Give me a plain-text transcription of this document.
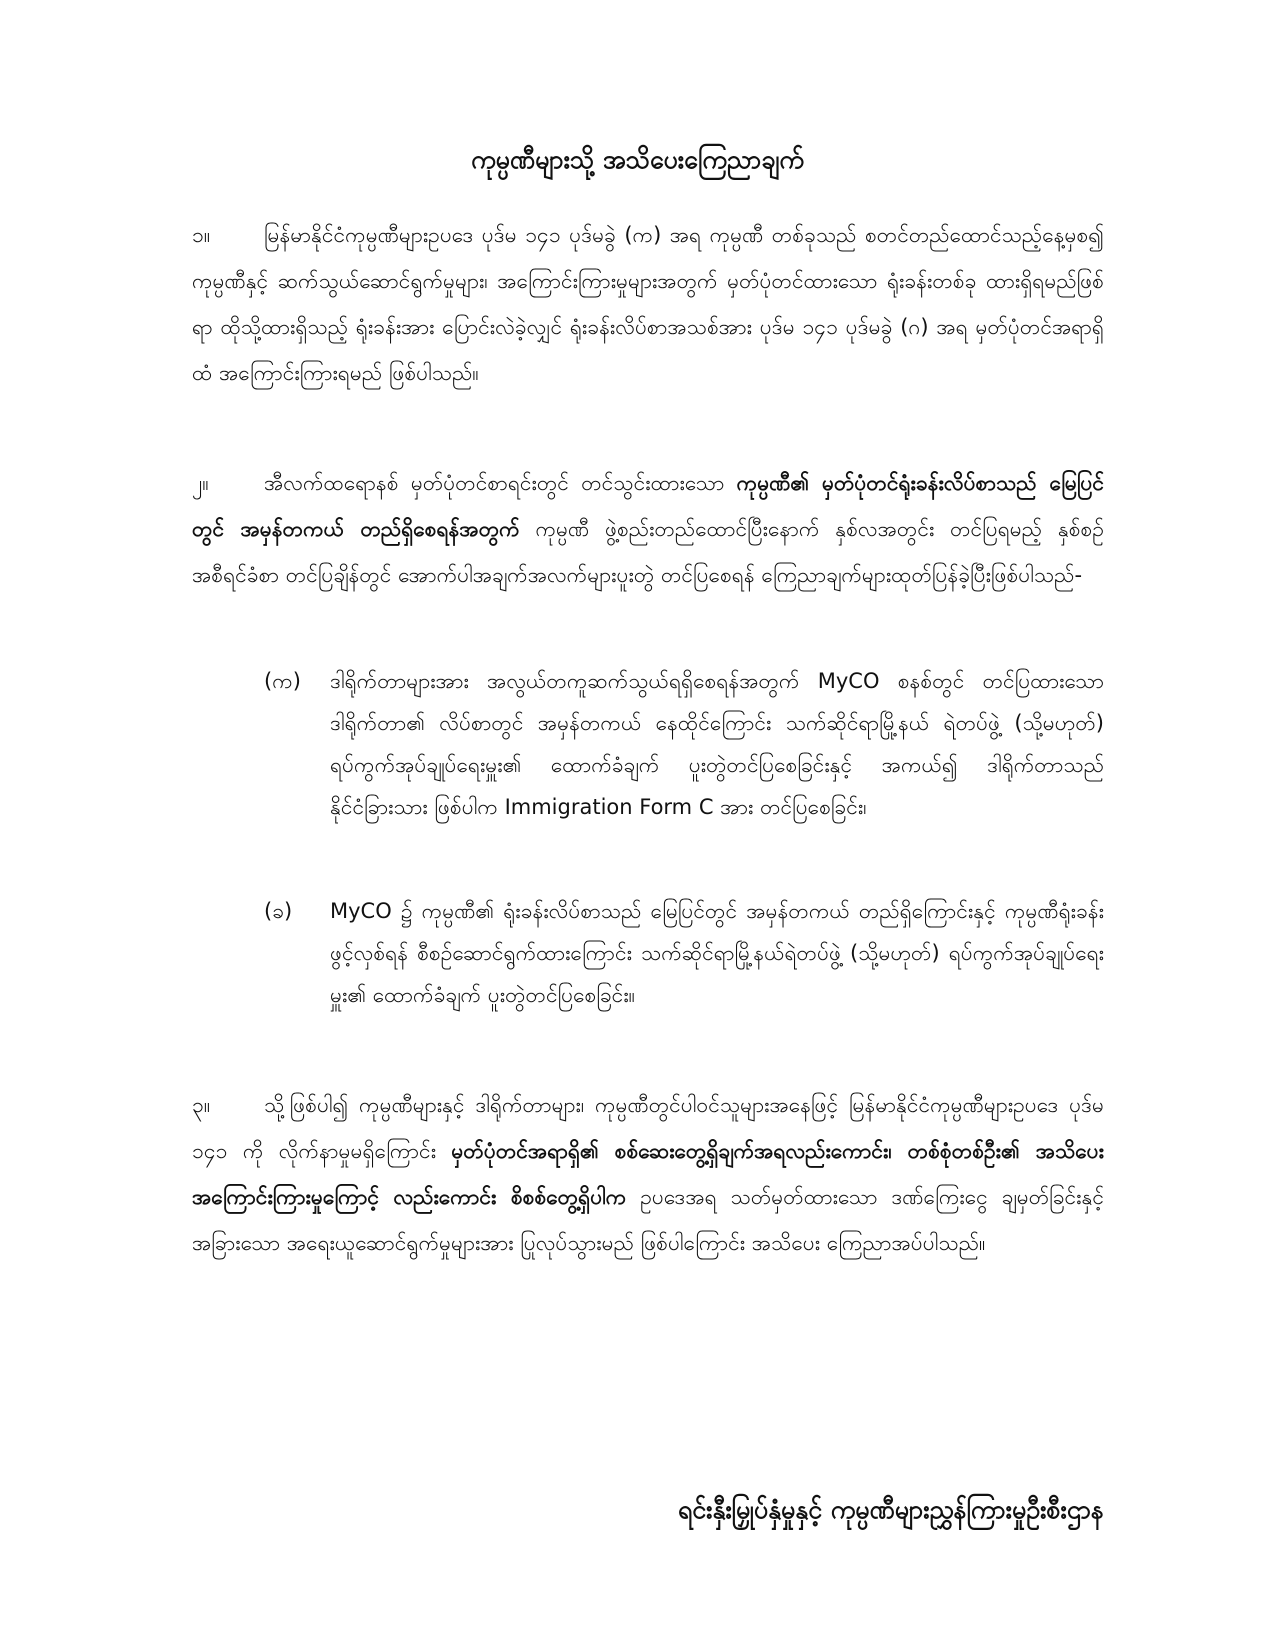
ကုမ္ပဏီများသို့ အသိပေးကြေညာချက်
၁။	မြန်မာနိုင်ငံကုမ္ပဏီများဥပဒေ ပုဒ်မ ၁၄၁ ပုဒ်မခွဲ (က) အရ ကုမ္ပဏီ တစ်ခုသည် စတင်တည်ထောင်သည့်နေ့မှစ၍ ကုမ္ပဏီနှင့် ဆက်သွယ်ဆောင်ရွက်မှုများ၊ အကြောင်းကြားမှုများအတွက် မှတ်ပုံတင်ထားသော ရုံးခန်းတစ်ခု ထားရှိရမည်ဖြစ်ရာ ထိုသို့ထားရှိသည့် ရုံးခန်းအား ပြောင်းလဲခဲ့လျှင် ရုံးခန်းလိပ်စာအသစ်အား ပုဒ်မ ၁၄၁ ပုဒ်မခွဲ (ဂ) အရ မှတ်ပုံတင်အရာရှိထံ အကြောင်းကြားရမည် ဖြစ်ပါသည်။
၂။	အီလက်ထရောနစ် မှတ်ပုံတင်စာရင်းတွင် တင်သွင်းထားသော ကုမ္ပဏီ၏ မှတ်ပုံတင်ရုံးခန်းလိပ်စာသည် မြေပြင်တွင် အမှန်တကယ် တည်ရှိစေရန်အတွက် ကုမ္ပဏီ ဖွဲ့စည်းတည်ထောင်ပြီးနောက် နှစ်လအတွင်း တင်ပြရမည့် နှစ်စဉ်အစီရင်ခံစာ တင်ပြချိန်တွင် အောက်ပါအချက်အလက်များပူးတွဲ တင်ပြစေရန် ကြေညာချက်များထုတ်ပြန်ခဲ့ပြီးဖြစ်ပါသည်-
(က)	ဒါရိုက်တာများအား အလွယ်တကူဆက်သွယ်ရရှိစေရန်အတွက် MyCO စနစ်တွင် တင်ပြထားသော ဒါရိုက်တာ၏ လိပ်စာတွင် အမှန်တကယ် နေထိုင်ကြောင်း သက်ဆိုင်ရာမြို့နယ် ရဲတပ်ဖွဲ့ (သို့မဟုတ်) ရပ်ကွက်အုပ်ချုပ်ရေးမှူး၏ ထောက်ခံချက် ပူးတွဲတင်ပြစေခြင်းနှင့် အကယ်၍ ဒါရိုက်တာသည် နိုင်ငံခြားသား ဖြစ်ပါက Immigration Form C အား တင်ပြစေခြင်း၊
(ခ)	MyCO ၌ ကုမ္ပဏီ၏ ရုံးခန်းလိပ်စာသည် မြေပြင်တွင် အမှန်တကယ် တည်ရှိကြောင်းနှင့် ကုမ္ပဏီရုံးခန်းဖွင့်လှစ်ရန် စီစဉ်ဆောင်ရွက်ထားကြောင်း သက်ဆိုင်ရာမြို့နယ်ရဲတပ်ဖွဲ့ (သို့မဟုတ်) ရပ်ကွက်အုပ်ချုပ်ရေးမှူး၏ ထောက်ခံချက် ပူးတွဲတင်ပြစေခြင်း။
၃။	သို့ဖြစ်ပါ၍ ကုမ္ပဏီများနှင့် ဒါရိုက်တာများ၊ ကုမ္ပဏီတွင်ပါဝင်သူများအနေဖြင့် မြန်မာနိုင်ငံကုမ္ပဏီများဥပဒေ ပုဒ်မ ၁၄၁ ကို လိုက်နာမှုမရှိကြောင်း မှတ်ပုံတင်အရာရှိ၏ စစ်ဆေးတွေ့ရှိချက်အရလည်းကောင်း၊ တစ်စုံတစ်ဦး၏ အသိပေး အကြောင်းကြားမှုကြောင့် လည်းကောင်း စိစစ်တွေ့ရှိပါက ဥပဒေအရ သတ်မှတ်ထားသော ဒဏ်ကြေးငွေ ချမှတ်ခြင်းနှင့် အခြားသော အရေးယူဆောင်ရွက်မှုများအား ပြုလုပ်သွားမည် ဖြစ်ပါကြောင်း အသိပေး ကြေညာအပ်ပါသည်။
ရင်းနှီးမြှုပ်နှံမှုနှင့် ကုမ္ပဏီများညွှန်ကြားမှုဦးစီးဌာန
